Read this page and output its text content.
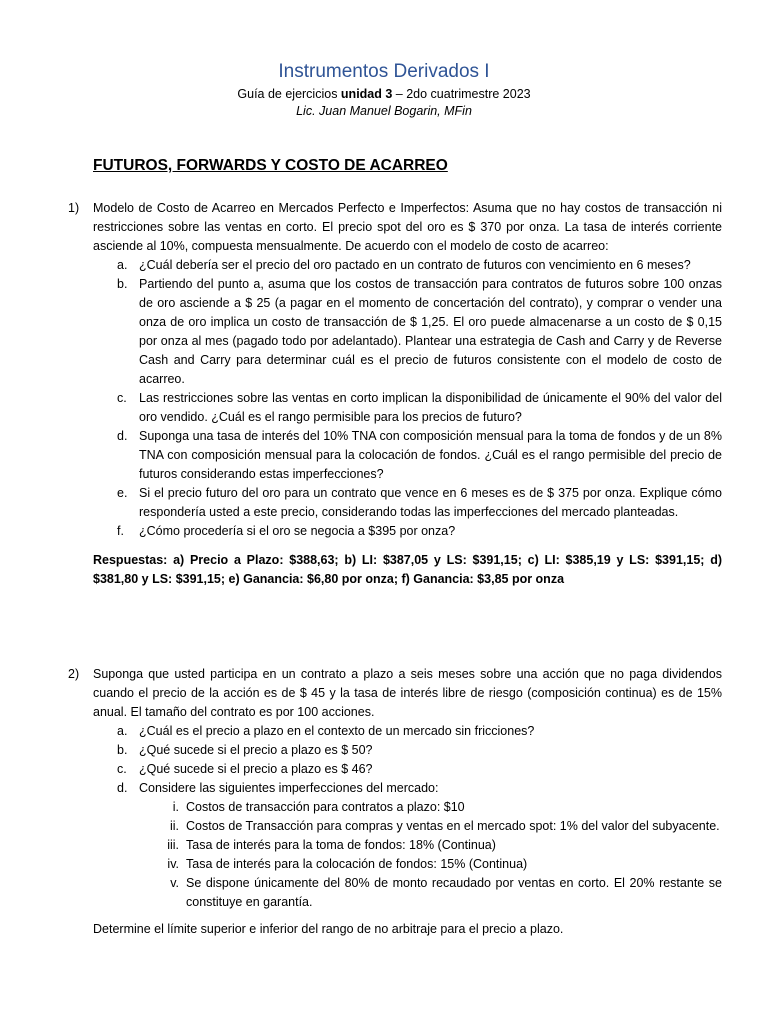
Instrumentos Derivados I
Guía de ejercicios unidad 3 – 2do cuatrimestre 2023
Lic. Juan Manuel Bogarin, MFin
FUTUROS, FORWARDS Y COSTO DE ACARREO
1) Modelo de Costo de Acarreo en Mercados Perfecto e Imperfectos: Asuma que no hay costos de transacción ni restricciones sobre las ventas en corto. El precio spot del oro es $ 370 por onza. La tasa de interés corriente asciende al 10%, compuesta mensualmente. De acuerdo con el modelo de costo de acarreo:
a. ¿Cuál debería ser el precio del oro pactado en un contrato de futuros con vencimiento en 6 meses?
b. Partiendo del punto a, asuma que los costos de transacción para contratos de futuros sobre 100 onzas de oro asciende a $ 25 (a pagar en el momento de concertación del contrato), y comprar o vender una onza de oro implica un costo de transacción de $ 1,25. El oro puede almacenarse a un costo de $ 0,15 por onza al mes (pagado todo por adelantado). Plantear una estrategia de Cash and Carry y de Reverse Cash and Carry para determinar cuál es el precio de futuros consistente con el modelo de costo de acarreo.
c. Las restricciones sobre las ventas en corto implican la disponibilidad de únicamente el 90% del valor del oro vendido. ¿Cuál es el rango permisible para los precios de futuro?
d. Suponga una tasa de interés del 10% TNA con composición mensual para la toma de fondos y de un 8% TNA con composición mensual para la colocación de fondos. ¿Cuál es el rango permisible del precio de futuros considerando estas imperfecciones?
e. Si el precio futuro del oro para un contrato que vence en 6 meses es de $ 375 por onza. Explique cómo respondería usted a este precio, considerando todas las imperfecciones del mercado planteadas.
f. ¿Cómo procedería si el oro se negocia a $395 por onza?
Respuestas: a) Precio a Plazo: $388,63; b) LI: $387,05 y LS: $391,15; c) LI: $385,19 y LS: $391,15; d) $381,80 y LS: $391,15; e) Ganancia: $6,80 por onza; f) Ganancia: $3,85 por onza
2) Suponga que usted participa en un contrato a plazo a seis meses sobre una acción que no paga dividendos cuando el precio de la acción es de $ 45 y la tasa de interés libre de riesgo (composición continua) es de 15% anual. El tamaño del contrato es por 100 acciones.
a. ¿Cuál es el precio a plazo en el contexto de un mercado sin fricciones?
b. ¿Qué sucede si el precio a plazo es $ 50?
c. ¿Qué sucede si el precio a plazo es $ 46?
d. Considere las siguientes imperfecciones del mercado:
i. Costos de transacción para contratos a plazo: $10
ii. Costos de Transacción para compras y ventas en el mercado spot: 1% del valor del subyacente.
iii. Tasa de interés para la toma de fondos: 18% (Continua)
iv. Tasa de interés para la colocación de fondos: 15% (Continua)
v. Se dispone únicamente del 80% de monto recaudado por ventas en corto. El 20% restante se constituye en garantía.
Determine el límite superior e inferior del rango de no arbitraje para el precio a plazo.
